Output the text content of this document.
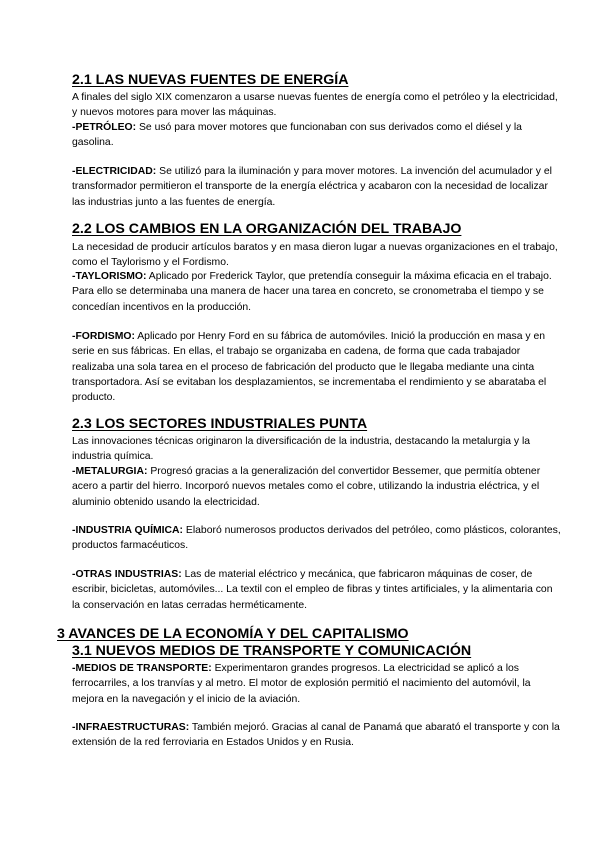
2.1 LAS NUEVAS FUENTES DE ENERGÍA

A finales del siglo XIX comenzaron a usarse nuevas fuentes de energía como el petróleo y la electricidad, y nuevos motores para mover las máquinas.

-PETRÓLEO: Se usó para mover motores que funcionaban con sus derivados como el diésel y la gasolina.

-ELECTRICIDAD: Se utilizó para la iluminación y para mover motores. La invención del acumulador y el transformador permitieron el transporte de la energía eléctrica y acabaron con la necesidad de localizar las industrias junto a las fuentes de energía.

2.2 LOS CAMBIOS EN LA ORGANIZACIÓN DEL TRABAJO

La necesidad de producir artículos baratos y en masa dieron lugar a nuevas organizaciones en el trabajo, como el Taylorismo y el Fordismo.

-TAYLORISMO: Aplicado por Frederick Taylor, que pretendía conseguir la máxima eficacia en el trabajo. Para ello se determinaba una manera de hacer una tarea en concreto, se cronometraba el tiempo y se concedían incentivos en la producción.

-FORDISMO: Aplicado por Henry Ford en su fábrica de automóviles. Inició la producción en masa y en serie en sus fábricas. En ellas, el trabajo se organizaba en cadena, de forma que cada trabajador realizaba una sola tarea en el proceso de fabricación del producto que le llegaba mediante una cinta transportadora. Así se evitaban los desplazamientos, se incrementaba el rendimiento y se abarataba el producto.

2.3 LOS SECTORES INDUSTRIALES PUNTA

Las innovaciones técnicas originaron la diversificación de la industria, destacando la metalurgia y la industria química.

-METALURGIA: Progresó gracias a la generalización del convertidor Bessemer, que permitía obtener acero a partir del hierro. Incorporó nuevos metales como el cobre, utilizando la industria eléctrica, y el aluminio obtenido usando la electricidad.

-INDUSTRIA QUÍMICA: Elaboró numerosos productos derivados del petróleo, como plásticos, colorantes, productos farmacéuticos.

-OTRAS INDUSTRIAS: Las de material eléctrico y mecánica, que fabricaron máquinas de coser, de escribir, bicicletas, automóviles... La textil con el empleo de fibras y tintes artificiales, y la alimentaria con la conservación en latas cerradas herméticamente.

3 AVANCES DE LA ECONOMÍA Y DEL CAPITALISMO
3.1 NUEVOS MEDIOS DE TRANSPORTE Y COMUNICACIÓN

-MEDIOS DE TRANSPORTE: Experimentaron grandes progresos. La electricidad se aplicó a los ferrocarriles, a los tranvías y al metro. El motor de explosión permitió el nacimiento del automóvil, la mejora en la navegación y el inicio de la aviación.

-INFRAESTRUCTURAS: También mejoró. Gracias al canal de Panamá que abarató el transporte y con la extensión de la red ferroviaria en Estados Unidos y en Rusia.
